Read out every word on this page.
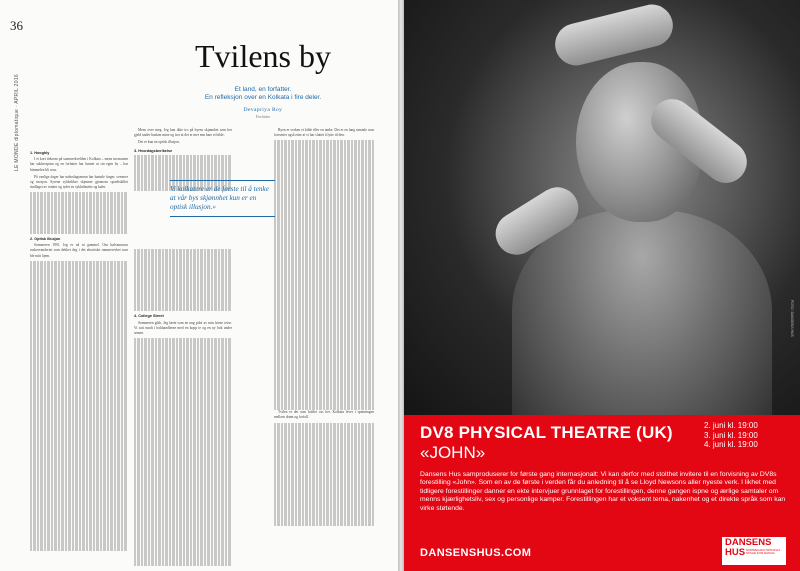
36
LE MONDE diplomatique · APRIL 2016
Tvilens by
Et land, en forfatter.
En refleksjon over en Kolkata i fire deler.
Devapriya Roy
Forfatter
1. Hooghly

I et kort tidsrom på sommerkvelden i Kolkata – mens monsunen har sukkerspinn og en forfatter har funnet ut sin egen by – har himmelen bli rosa.

På vanlige dager har naboslagsmenn har hamsle farger, svermer og mosjon. Syrene sykkeltker skjenner gjennom spredtskillet rindlaget av tomter og tydet av sykkelmøtte og kaler.

2. Optisk illusjon

Sommeren 1991. Jeg er nå ni gammel. Om hølvannsom ruskervandertet som dekket deg i det eksotiske rammeverket som ble mitt hjem.

Mens over meg. Jeg kan ikke tro på byens skjønnhet som her gjeld under husken mine og tror at det er mer enn bare et bilde.

Det er kun en optisk illusjon.

3. Hvordagsberikelse
4. College Street

Sommeren gikk. Jeg lærte som en ung pilot av min første reise. Vi satt rundt i bokhandlerne med en kopp te og en ny bok under armen.

Byen er verken et bilde eller en tanke. Det er en lang samtale som fortsetter også etter at vi har sluttet å lytte til den.

Tvilen er det som holder oss her. Kolkata lever i spenningen mellom drøm og forfall.

Vi kolkatere er de første til å tenke at vår bys skjønnhet kun er en optisk illusjon.»
FOTO: DANSENS HUS
DV8 PHYSICAL THEATRE (UK)
«JOHN»
2. juni kl. 19:00
3. juni kl. 19:00
4. juni kl. 19:00
Dansens Hus samproduserer for første gang internasjonalt: Vi kan derfor med stolthet invitere til en forvisning av DV8s forestilling «John». Som en av de første i verden får du anledning til å se Lloyd Newsons aller nyeste verk. I likhet med tidligere forestillinger danner en ekte intervjuer grunnlaget for forestillingen, denne gangen ispne og ærlige samtaler om menns kjærlighetsliv, sex og personlige kamper. Forestillingen har et voksent tema, nakenhet og et direkte språk som kan virke støtende.
DANSENSHUS.COM
DANSENS
HUS NORWEGIAN NATIONAL STAGE FOR DANCE
